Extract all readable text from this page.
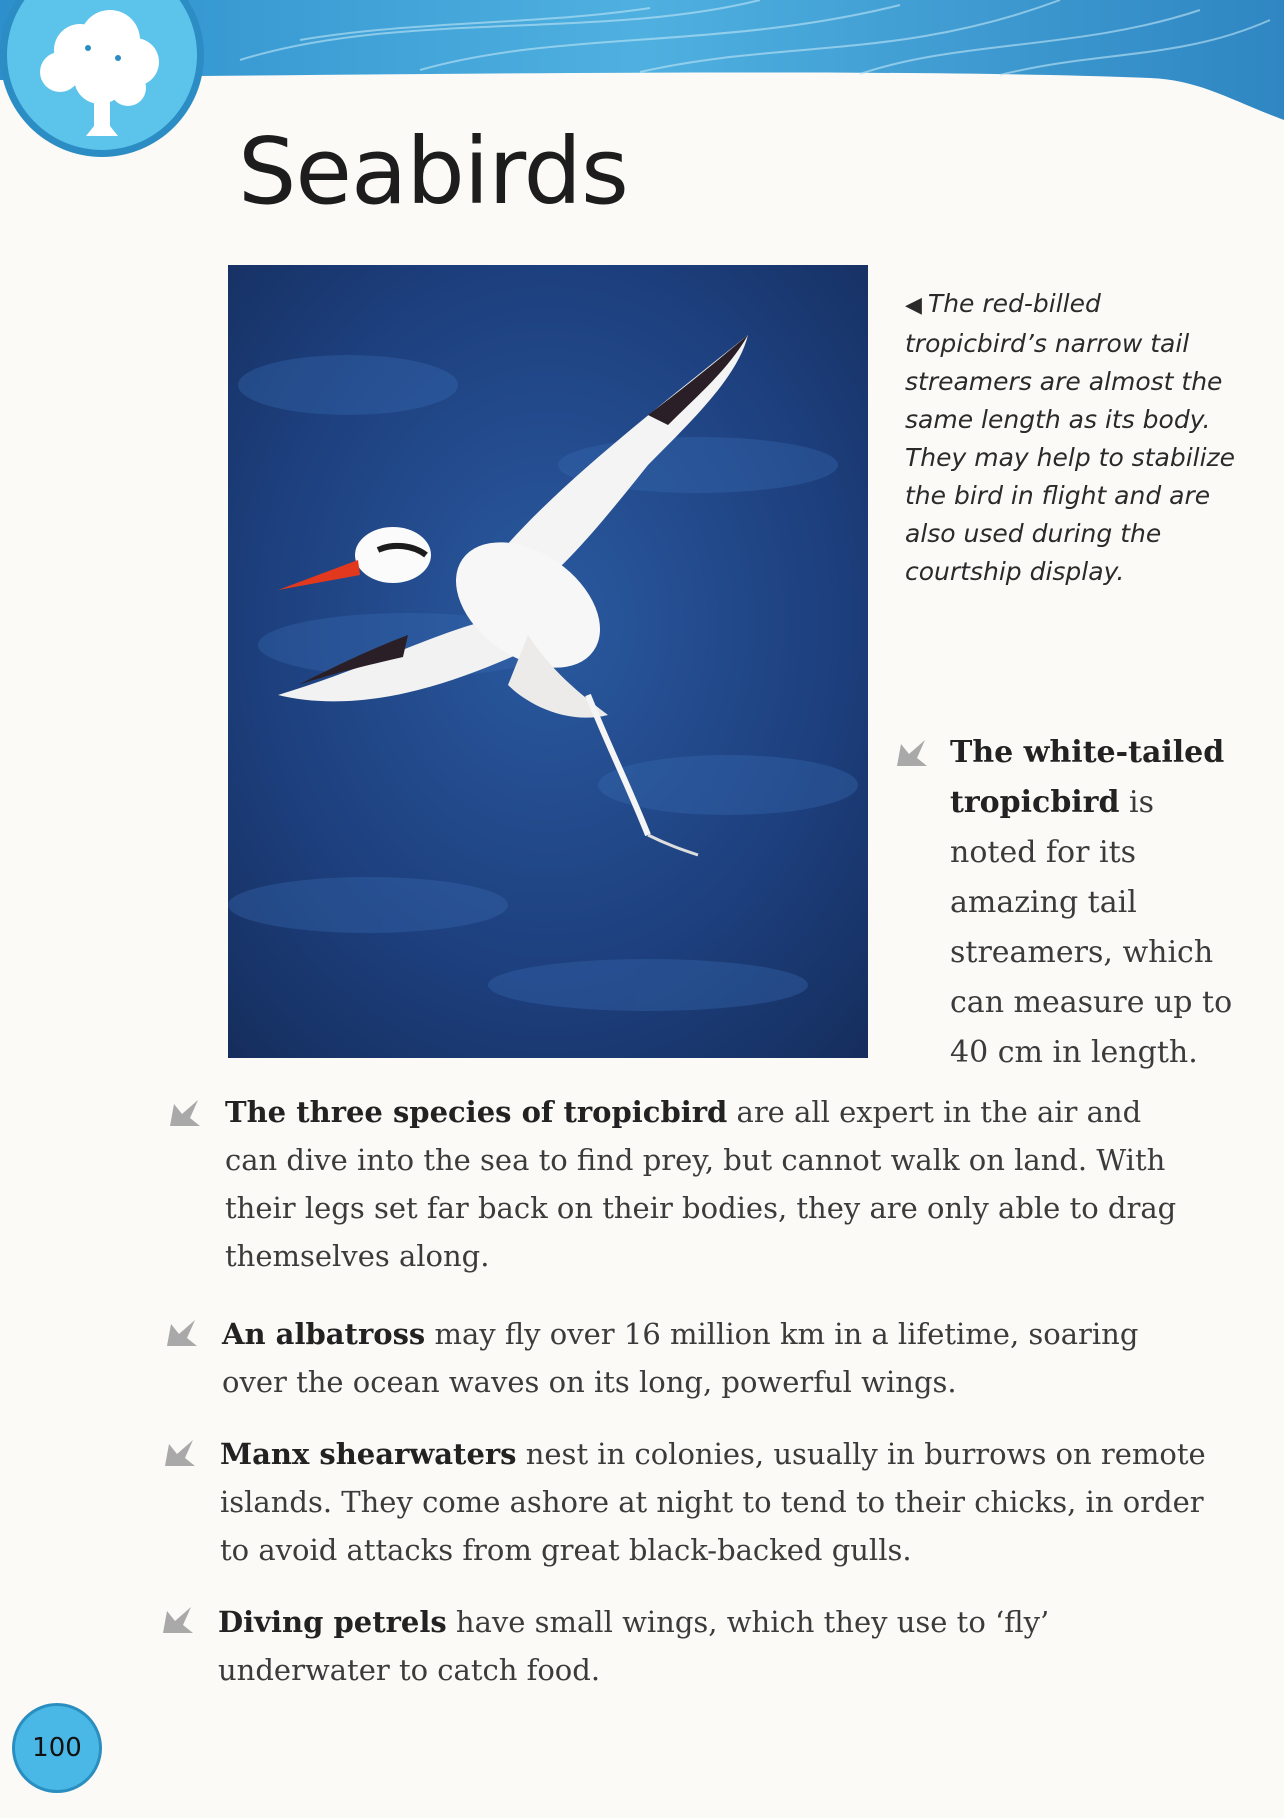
Seabirds

◀ The red-billed tropicbird’s narrow tail streamers are almost the same length as its body. They may help to stabilize the bird in flight and are also used during the courtship display.

The white-tailed tropicbird is noted for its amazing tail streamers, which can measure up to 40 cm in length.

The three species of tropicbird are all expert in the air and can dive into the sea to find prey, but cannot walk on land. With their legs set far back on their bodies, they are only able to drag themselves along.

An albatross may fly over 16 million km in a lifetime, soaring over the ocean waves on its long, powerful wings.

Manx shearwaters nest in colonies, usually in burrows on remote islands. They come ashore at night to tend to their chicks, in order to avoid attacks from great black-backed gulls.

Diving petrels have small wings, which they use to ‘fly’ underwater to catch food.

100
